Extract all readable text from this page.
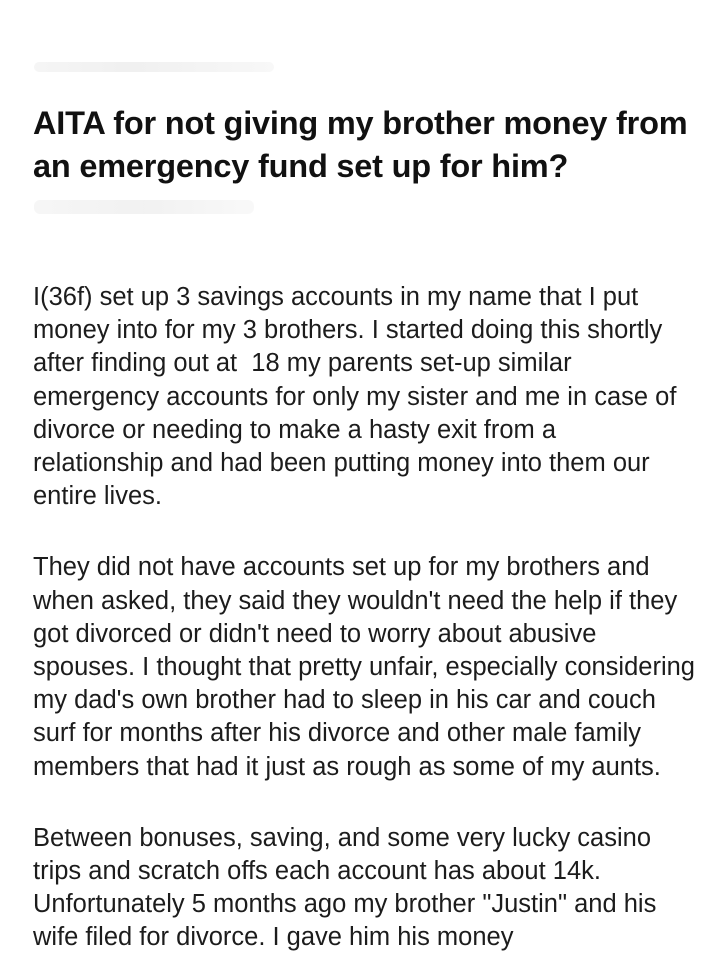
AITA for not giving my brother money from an emergency fund set up for him?

I(36f) set up 3 savings accounts in my name that I put money into for my 3 brothers. I started doing this shortly after finding out at  18 my parents set-up similar emergency accounts for only my sister and me in case of divorce or needing to make a hasty exit from a  relationship and had been putting money into them our entire lives.

They did not have accounts set up for my brothers and when asked, they said they wouldn't need the help if they got divorced or didn't need to worry about abusive spouses. I thought that pretty unfair, especially considering my dad's own brother had to sleep in his car and couch surf for months after his divorce and other male family members that had it just as rough as some of my aunts.

Between bonuses, saving, and some very lucky casino trips and scratch offs each account has about 14k. Unfortunately 5 months ago my brother "Justin" and his wife filed for divorce. I gave him his money
